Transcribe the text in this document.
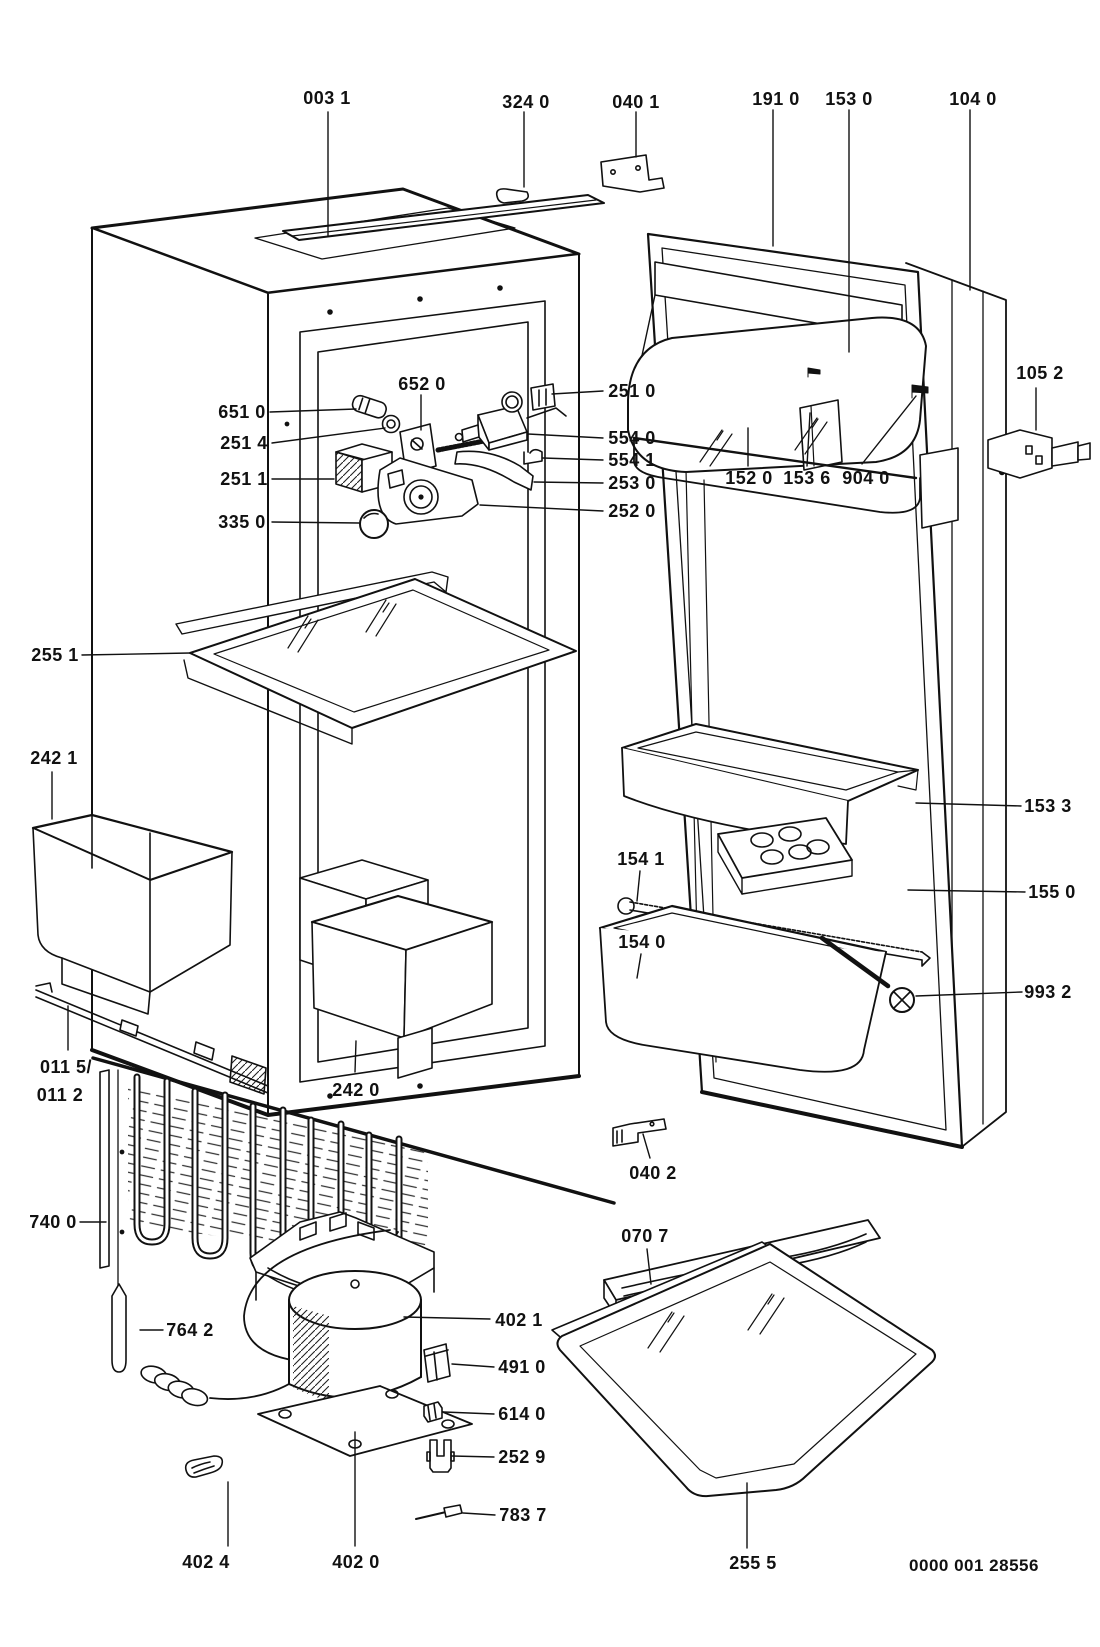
003 1	324 0	040 1	191 0 153 0	104 0
105 2
651 0
251 4
251 1
335 0
652 0	251 0
554 0
554 1
253 0
252 0
152 0 153 6 904 0
255 1
242 1
153 3
154 1
155 0
154 0
993 2
011 5/
011 2	242 0
040 2
740 0
070 7
402 1
764 2
491 0
614 0
252 9
783 7
402 4	402 0	255 5	0000 001 28556
